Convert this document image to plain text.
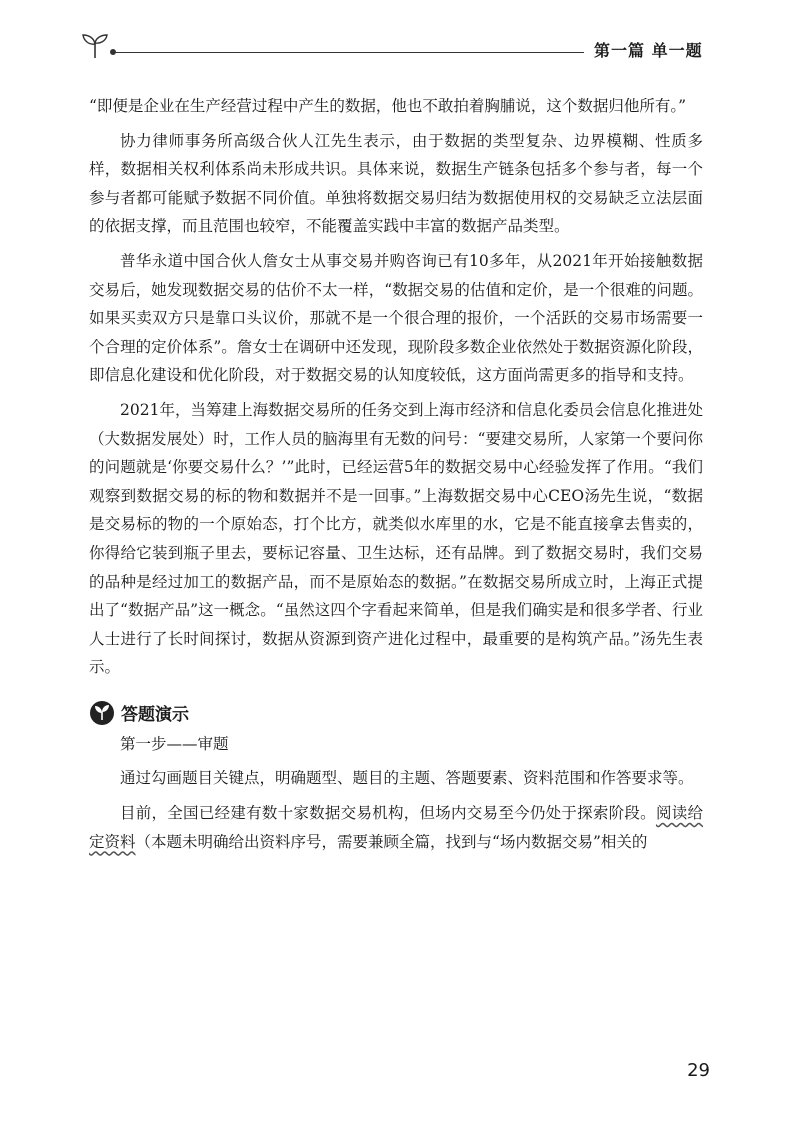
第一篇 单一题

“即便是企业在生产经营过程中产生的数据，他也不敢拍着胸脯说，这个数据归他所有。”

协力律师事务所高级合伙人江先生表示，由于数据的类型复杂、边界模糊、性质多样，数据相关权利体系尚未形成共识。具体来说，数据生产链条包括多个参与者，每一个参与者都可能赋予数据不同价值。单独将数据交易归结为数据使用权的交易缺乏立法层面的依据支撑，而且范围也较窄，不能覆盖实践中丰富的数据产品类型。

普华永道中国合伙人詹女士从事交易并购咨询已有10多年，从2021年开始接触数据交易后，她发现数据交易的估价不太一样，“数据交易的估值和定价，是一个很难的问题。如果买卖双方只是靠口头议价，那就不是一个很合理的报价，一个活跃的交易市场需要一个合理的定价体系”。詹女士在调研中还发现，现阶段多数企业依然处于数据资源化阶段，即信息化建设和优化阶段，对于数据交易的认知度较低，这方面尚需更多的指导和支持。

2021年，当筹建上海数据交易所的任务交到上海市经济和信息化委员会信息化推进处（大数据发展处）时，工作人员的脑海里有无数的问号：“要建交易所，人家第一个要问你的问题就是‘你要交易什么？’”此时，已经运营5年的数据交易中心经验发挥了作用。“我们观察到数据交易的标的物和数据并不是一回事。”上海数据交易中心CEO汤先生说，“数据是交易标的物的一个原始态，打个比方，就类似水库里的水，它是不能直接拿去售卖的，你得给它装到瓶子里去，要标记容量、卫生达标，还有品牌。到了数据交易时，我们交易的品种是经过加工的数据产品，而不是原始态的数据。”在数据交易所成立时，上海正式提出了“数据产品”这一概念。“虽然这四个字看起来简单，但是我们确实是和很多学者、行业人士进行了长时间探讨，数据从资源到资产进化过程中，最重要的是构筑产品。”汤先生表示。

答题演示
第一步——审题

通过勾画题目关键点，明确题型、题目的主题、答题要素、资料范围和作答要求等。

目前，全国已经建有数十家数据交易机构，但场内交易至今仍处于探索阶段。阅读给定资料（本题未明确给出资料序号，需要兼顾全篇，找到与“场内数据交易”相关的

29
